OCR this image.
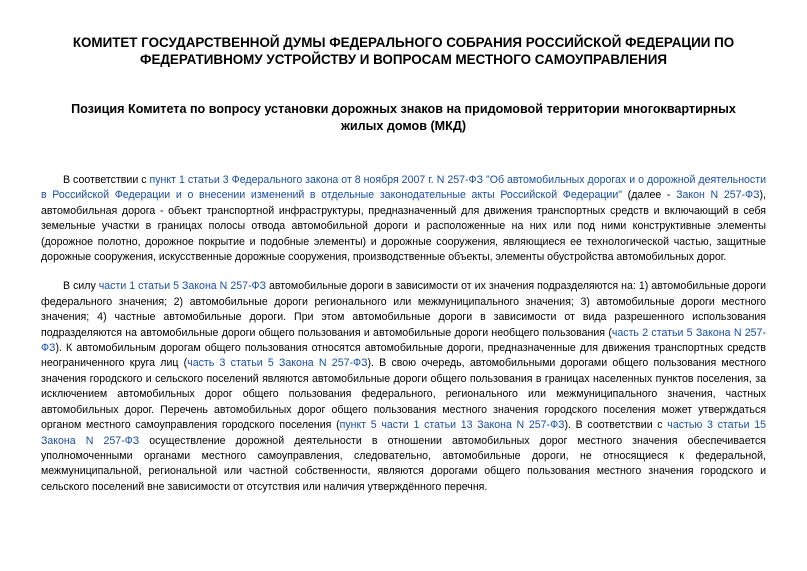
КОМИТЕТ ГОСУДАРСТВЕННОЙ ДУМЫ ФЕДЕРАЛЬНОГО СОБРАНИЯ РОССИЙСКОЙ ФЕДЕРАЦИИ ПО ФЕДЕРАТИВНОМУ УСТРОЙСТВУ И ВОПРОСАМ МЕСТНОГО САМОУПРАВЛЕНИЯ
Позиция Комитета по вопросу установки дорожных знаков на придомовой территории многоквартирных жилых домов (МКД)

В соответствии с пункт 1 статьи 3 Федерального закона от 8 ноября 2007 г. N 257-ФЗ "Об автомобильных дорогах и о дорожной деятельности в Российской Федерации и о внесении изменений в отдельные законодательные акты Российской Федерации" (далее - Закон N 257-ФЗ), автомобильная дорога - объект транспортной инфраструктуры, предназначенный для движения транспортных средств и включающий в себя земельные участки в границах полосы отвода автомобильной дороги и расположенные на них или под ними конструктивные элементы (дорожное полотно, дорожное покрытие и подобные элементы) и дорожные сооружения, являющиеся ее технологической частью, защитные дорожные сооружения, искусственные дорожные сооружения, производственные объекты, элементы обустройства автомобильных дорог.

В силу части 1 статьи 5 Закона N 257-ФЗ автомобильные дороги в зависимости от их значения подразделяются на: 1) автомобильные дороги федерального значения; 2) автомобильные дороги регионального или межмуниципального значения; 3) автомобильные дороги местного значения; 4) частные автомобильные дороги. При этом автомобильные дороги в зависимости от вида разрешенного использования подразделяются на автомобильные дороги общего пользования и автомобильные дороги необщего пользования (часть 2 статьи 5 Закона N 257-ФЗ). К автомобильным дорогам общего пользования относятся автомобильные дороги, предназначенные для движения транспортных средств неограниченного круга лиц (часть 3 статьи 5 Закона N 257-ФЗ). В свою очередь, автомобильными дорогами общего пользования местного значения городского и сельского поселений являются автомобильные дороги общего пользования в границах населенных пунктов поселения, за исключением автомобильных дорог общего пользования федерального, регионального или межмуниципального значения, частных автомобильных дорог. Перечень автомобильных дорог общего пользования местного значения городского поселения может утверждаться органом местного самоуправления городского поселения (пункт 5 части 1 статьи 13 Закона N 257-ФЗ). В соответствии с частью 3 статьи 15 Закона N 257-ФЗ осуществление дорожной деятельности в отношении автомобильных дорог местного значения обеспечивается уполномоченными органами местного самоуправления, следовательно, автомобильные дороги, не относящиеся к федеральной, межмуниципальной, региональной или частной собственности, являются дорогами общего пользования местного значения городского и сельского поселений вне зависимости от отсутствия или наличия утверждённого перечня.
